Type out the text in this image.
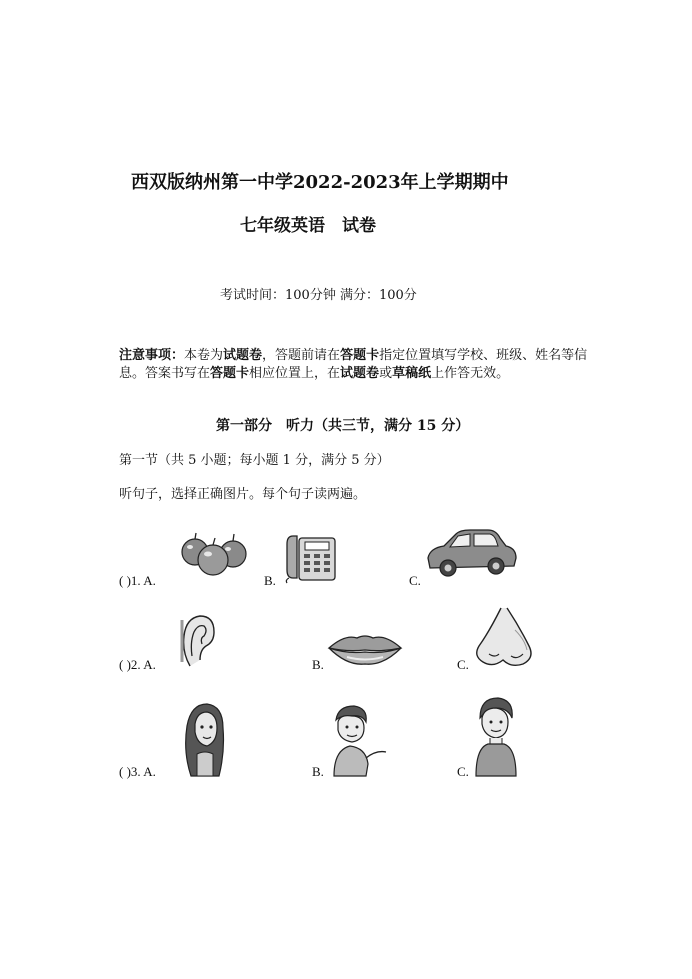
西双版纳州第一中学2022-2023年上学期期中
七年级英语　试卷
考试时间：100分钟 满分：100分
注意事项：本卷为试题卷，答题前请在答题卡指定位置填写学校、班级、姓名等信息。答案书写在答题卡相应位置上，在试题卷或草稿纸上作答无效。
第一部分　听力（共三节，满分 15 分）
第一节（共 5 小题；每小题 1 分，满分 5 分）
听句子，选择正确图片。每个句子读两遍。
( )1. A.	B.	C.
( )2. A.	B.	C.
( )3. A.	B.	C.
